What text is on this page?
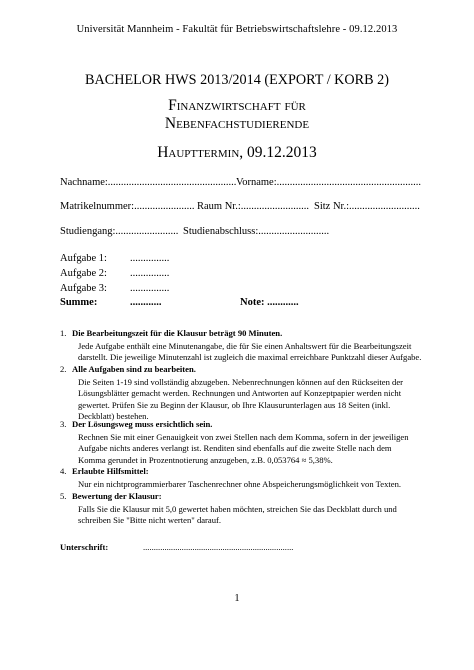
Universität Mannheim - Fakultät für Betriebswirtschaftslehre - 09.12.2013
BACHELOR HWS 2013/2014 (EXPORT / KORB 2)
Finanzwirtschaft für
Nebenfachstudierende
Haupttermin, 09.12.2013
Nachname:................................................. Vorname:.......................................................
Matrikelnummer:....................... Raum Nr.:.......................... Sitz Nr.:...........................
Studiengang:........................ Studienabschluss:...........................
Aufgabe 1: ...............
Aufgabe 2: ...............
Aufgabe 3: ...............
Summe:	............	Note: ............
1. Die Bearbeitungszeit für die Klausur beträgt 90 Minuten.
Jede Aufgabe enthält eine Minutenangabe, die für Sie einen Anhaltswert für die Bearbeitungszeit
darstellt. Die jeweilige Minutenzahl ist zugleich die maximal erreichbare Punktzahl dieser Aufgabe.
2. Alle Aufgaben sind zu bearbeiten.
Die Seiten 1-19 sind vollständig abzugeben. Nebenrechnungen können auf den Rückseiten der
Lösungsblätter gemacht werden. Rechnungen und Antworten auf Konzeptpapier werden nicht
gewertet. Prüfen Sie zu Beginn der Klausur, ob Ihre Klausurunterlagen aus 18 Seiten (inkl.
Deckblatt) bestehen.
3. Der Lösungsweg muss ersichtlich sein.
Rechnen Sie mit einer Genauigkeit von zwei Stellen nach dem Komma, sofern in der jeweiligen
Aufgabe nichts anderes verlangt ist. Renditen sind ebenfalls auf die zweite Stelle nach dem
Komma gerundet in Prozentnotierung anzugeben, z.B. 0,053764 ≈ 5,38%.
4. Erlaubte Hilfsmittel:
Nur ein nichtprogrammierbarer Taschenrechner ohne Abspeicherungsmöglichkeit von Texten.
5. Bewertung der Klausur:
Falls Sie die Klausur mit 5,0 gewertet haben möchten, streichen Sie das Deckblatt durch und
schreiben Sie "Bitte nicht werten" darauf.
Unterschrift:	......................................................................
1
